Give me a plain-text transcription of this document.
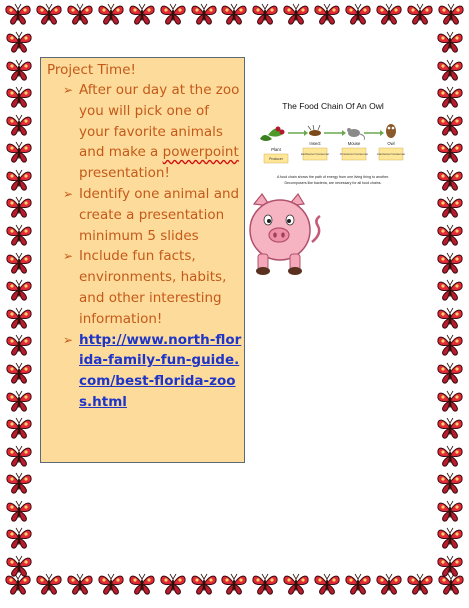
Project Time!
➢ After our day at the zoo you will pick one of your favorite animals and make a powerpoint presentation!
➢ Identify one animal and create a presentation minimum 5 slides
➢ Include fun facts, environments, habits, and other interesting information!
➢ http://www.north-florida-family-fun-guide.com/best-florida-zoos.html
The Food Chain Of An Owl
Plant
Insect	Mouse	Owl
Producer
Herbivore/ Consumer	Omnivore/ Consumer	Carnivore/ Consumer
A food chain shows the path of energy from one living thing to another.
Decomposers like bacteria, are necessary for all food chains.
